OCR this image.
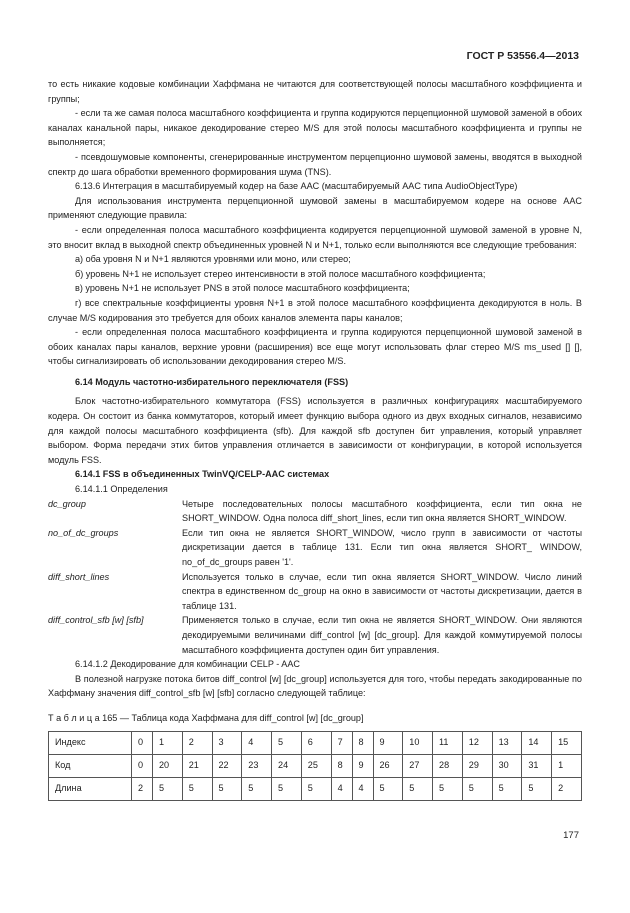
ГОСТ Р 53556.4—2013

то есть никакие кодовые комбинации Хаффмана не читаются для соответствующей полосы масштабного коэффициента и группы;

- если та же самая полоса масштабного коэффициента и группа кодируются перцепционной шумовой заменой в обоих каналах канальной пары, никакое декодирование стерео M/S для этой полосы масштабного коэффициента и группы не выполняется;

- псевдошумовые компоненты, сгенерированные инструментом перцепционно шумовой замены, вводятся в выходной спектр до шага обработки временного формирования шума (TNS).

6.13.6 Интеграция в масштабируемый кодер на базе AAC (масштабируемый AAC типа AudioObjectType)

Для использования инструмента перцепционной шумовой замены в масштабируемом кодере на основе AAC применяют следующие правила:

- если определенная полоса масштабного коэффициента кодируется перцепционной шумовой заменой в уровне N, это вносит вклад в выходной спектр объединенных уровней N и N+1, только если выполняются все следующие требования:

а) оба уровня N и N+1 являются уровнями или моно, или стерео;

б) уровень N+1 не использует стерео интенсивности в этой полосе масштабного коэффициента;

в) уровень N+1 не использует PNS в этой полосе масштабного коэффициента;

г) все спектральные коэффициенты уровня N+1 в этой полосе масштабного коэффициента декодируются в ноль. В случае M/S кодирования это требуется для обоих каналов элемента пары каналов;

- если определенная полоса масштабного коэффициента и группа кодируются перцепционной шумовой заменой в обоих каналах пары каналов, верхние уровни (расширения) все еще могут использовать флаг стерео M/S ms_used [] [], чтобы сигнализировать об использовании декодирования стерео M/S.

6.14 Модуль частотно-избирательного переключателя (FSS)

Блок частотно-избирательного коммутатора (FSS) используется в различных конфигурациях масштабируемого кодера. Он состоит из банка коммутаторов, который имеет функцию выбора одного из двух входных сигналов, независимо для каждой полосы масштабного коэффициента (sfb). Для каждой sfb доступен бит управления, который управляет выбором. Форма передачи этих битов управления отличается в зависимости от конфигурации, в которой используется модуль FSS.

6.14.1 FSS в объединенных TwinVQ/CELP-AAC системах

6.14.1.1 Определения

dc_group	Четыре последовательных полосы масштабного коэффициента, если тип окна не SHORT_WINDOW. Одна полоса diff_short_lines, если тип окна является SHORT_WINDOW.
no_of_dc_groups	Если тип окна не является SHORT_WINDOW, число групп в зависимости от частоты дискретизации дается в таблице 131. Если тип окна является SHORT_ WINDOW, no_of_dc_groups равен '1'.
diff_short_lines	Используется только в случае, если тип окна является SHORT_WINDOW. Число линий спектра в единственном dc_group на окно в зависимости от частоты дискретизации, дается в таблице 131.
diff_control_sfb [w] [sfb]	Применяется только в случае, если тип окна не является SHORT_WINDOW. Они являются декодируемыми величинами diff_control [w] [dc_group]. Для каждой коммутируемой полосы масштабного коэффициента доступен один бит управления.

6.14.1.2 Декодирование для комбинации CELP - AAC

В полезной нагрузке потока битов diff_control [w] [dc_group] используется для того, чтобы передать закодированные по Хаффману значения diff_control_sfb [w] [sfb] согласно следующей таблице:

Т а б л и ц а 165 — Таблица кода Хаффмана для diff_control [w] [dc_group]

Индекс	0	1	2	3	4	5	6	7	8	9	10	11	12	13	14	15
Код	0	20	21	22	23	24	25	8	9	26	27	28	29	30	31	1
Длина	2	5	5	5	5	5	5	4	4	5	5	5	5	5	5	2
177
